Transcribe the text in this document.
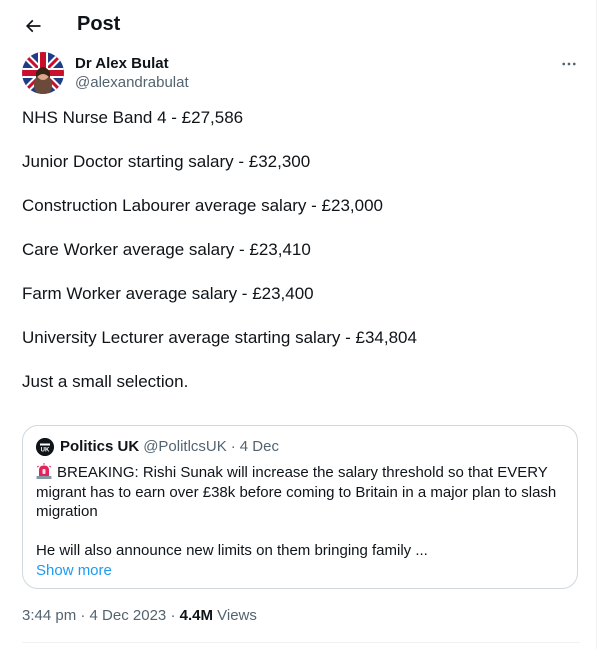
Post
Dr Alex Bulat
@alexandrabulat

NHS Nurse Band 4 - £27,586

Junior Doctor starting salary - £32,300

Construction Labourer average salary - £23,000

Care Worker average salary - £23,410

Farm Worker average salary - £23,400

University Lecturer average starting salary - £34,804

Just a small selection.

UK Politics UK @PolitlcsUK · 4 Dec

BREAKING: Rishi Sunak will increase the salary threshold so that EVERY migrant has to earn over £38k before coming to Britain in a major plan to slash migration

He will also announce new limits on them bringing family ...

Show more

3:44 pm · 4 Dec 2023 · 4.4M Views
